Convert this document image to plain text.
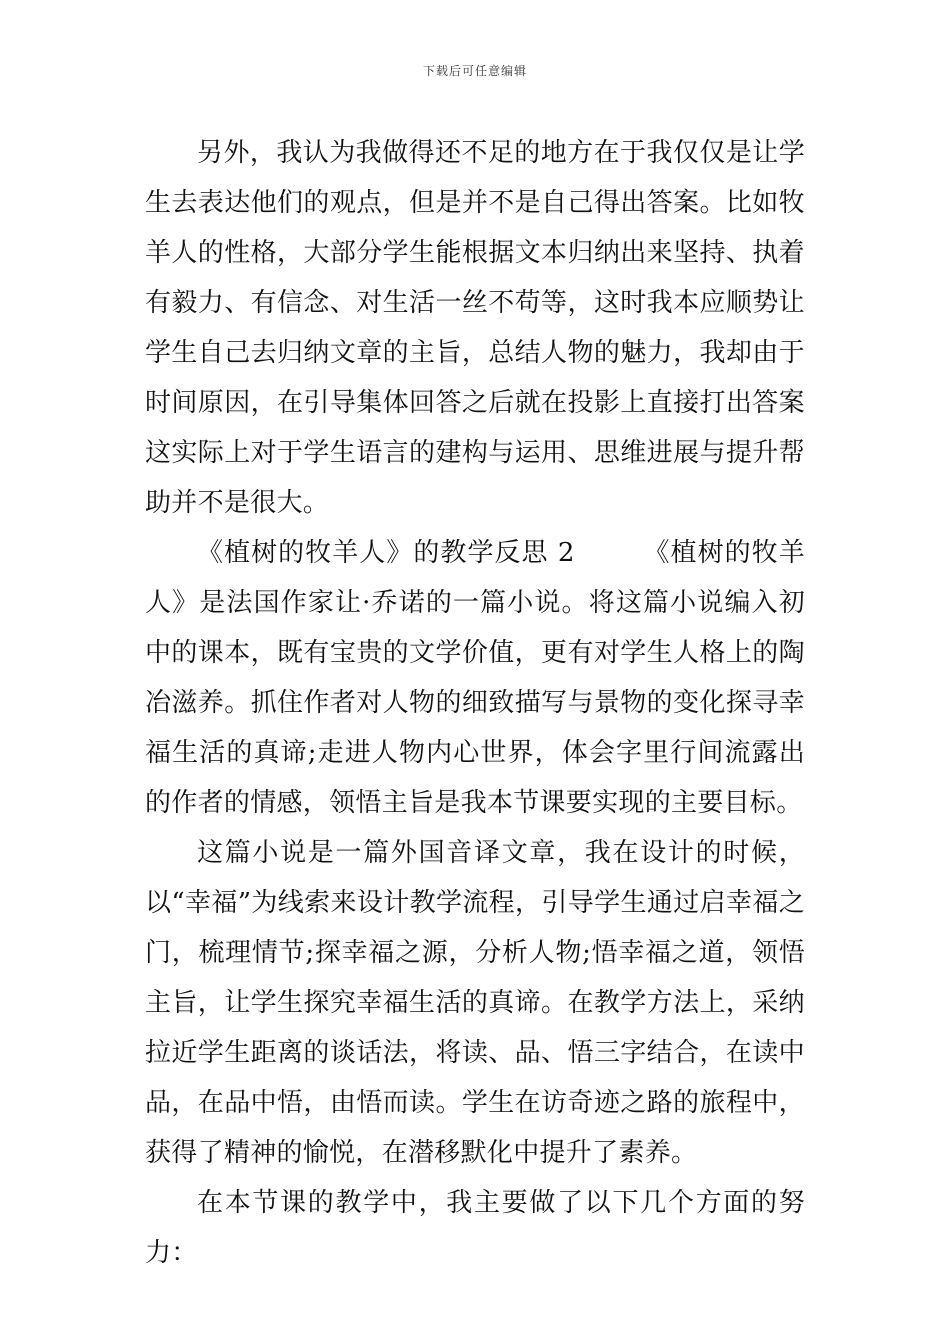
下载后可任意编辑

另外，我认为我做得还不足的地方在于我仅仅是让学生去表达他们的观点，但是并不是自己得出答案。比如牧羊人的性格，大部分学生能根据文本归纳出来坚持、执着有毅力、有信念、对生活一丝不苟等，这时我本应顺势让学生自己去归纳文章的主旨，总结人物的魅力，我却由于时间原因，在引导集体回答之后就在投影上直接打出答案这实际上对于学生语言的建构与运用、思维进展与提升帮助并不是很大。

《植树的牧羊人》的教学反思 2	《植树的牧羊人》是法国作家让·乔诺的一篇小说。将这篇小说编入初中的课本，既有宝贵的文学价值，更有对学生人格上的陶冶滋养。抓住作者对人物的细致描写与景物的变化探寻幸福生活的真谛;走进人物内心世界，体会字里行间流露出的作者的情感，领悟主旨是我本节课要实现的主要目标。

这篇小说是一篇外国音译文章，我在设计的时候，以“幸福”为线索来设计教学流程，引导学生通过启幸福之门，梳理情节;探幸福之源，分析人物;悟幸福之道，领悟主旨，让学生探究幸福生活的真谛。在教学方法上，采纳拉近学生距离的谈话法，将读、品、悟三字结合，在读中品，在品中悟，由悟而读。学生在访奇迹之路的旅程中，获得了精神的愉悦，在潜移默化中提升了素养。

在本节课的教学中，我主要做了以下几个方面的努力：
